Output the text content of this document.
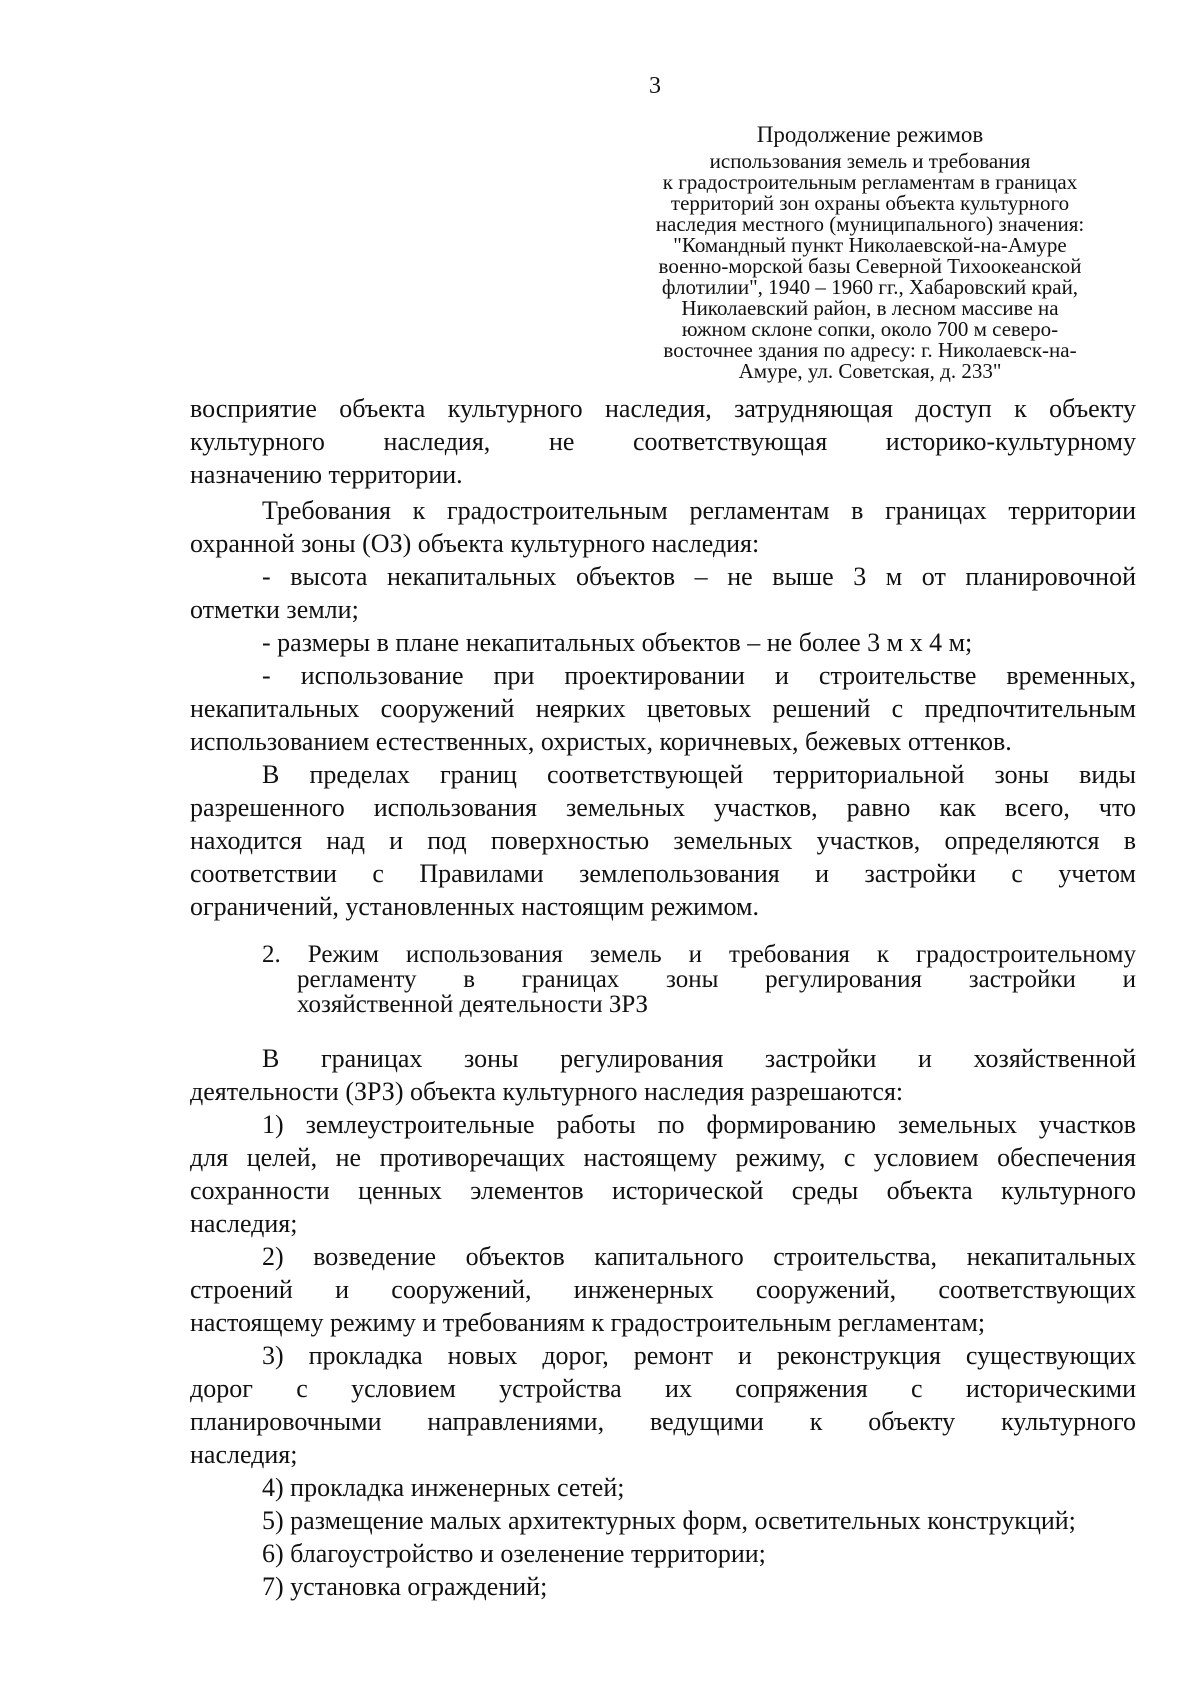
3
Продолжение режимов
использования земель и требования
к градостроительным регламентам в границах
территорий зон охраны объекта культурного
наследия местного (муниципального) значения:
"Командный пункт Николаевской-на-Амуре
военно-морской базы Северной Тихоокеанской
флотилии", 1940 – 1960 гг., Хабаровский край,
Николаевский район, в лесном массиве на
южном склоне сопки, около 700 м северо-
восточнее здания по адресу: г. Николаевск-на-
Амуре, ул. Советская, д. 233"
восприятие объекта культурного наследия, затрудняющая доступ к объекту
культурного наследия, не соответствующая историко-культурному
назначению территории.
Требования к градостроительным регламентам в границах территории
охранной зоны (ОЗ) объекта культурного наследия:
- высота некапитальных объектов – не выше 3 м от планировочной
отметки земли;
- размеры в плане некапитальных объектов – не более 3 м x 4 м;
- использование при проектировании и строительстве временных,
некапитальных сооружений неярких цветовых решений с предпочтительным
использованием естественных, охристых, коричневых, бежевых оттенков.
В пределах границ соответствующей территориальной зоны виды
разрешенного использования земельных участков, равно как всего, что
находится над и под поверхностью земельных участков, определяются в
соответствии с Правилами землепользования и застройки с учетом
ограничений, установленных настоящим режимом.
2. Режим использования земель и требования к градостроительному
регламенту в границах зоны регулирования застройки и
хозяйственной деятельности ЗРЗ
В границах зоны регулирования застройки и хозяйственной
деятельности (ЗРЗ) объекта культурного наследия разрешаются:
1) землеустроительные работы по формированию земельных участков
для целей, не противоречащих настоящему режиму, с условием обеспечения
сохранности ценных элементов исторической среды объекта культурного
наследия;
2) возведение объектов капитального строительства, некапитальных
строений и сооружений, инженерных сооружений, соответствующих
настоящему режиму и требованиям к градостроительным регламентам;
3) прокладка новых дорог, ремонт и реконструкция существующих
дорог с условием устройства их сопряжения с историческими
планировочными направлениями, ведущими к объекту культурного
наследия;
4) прокладка инженерных сетей;
5) размещение малых архитектурных форм, осветительных конструкций;
6) благоустройство и озеленение территории;
7) установка ограждений;
